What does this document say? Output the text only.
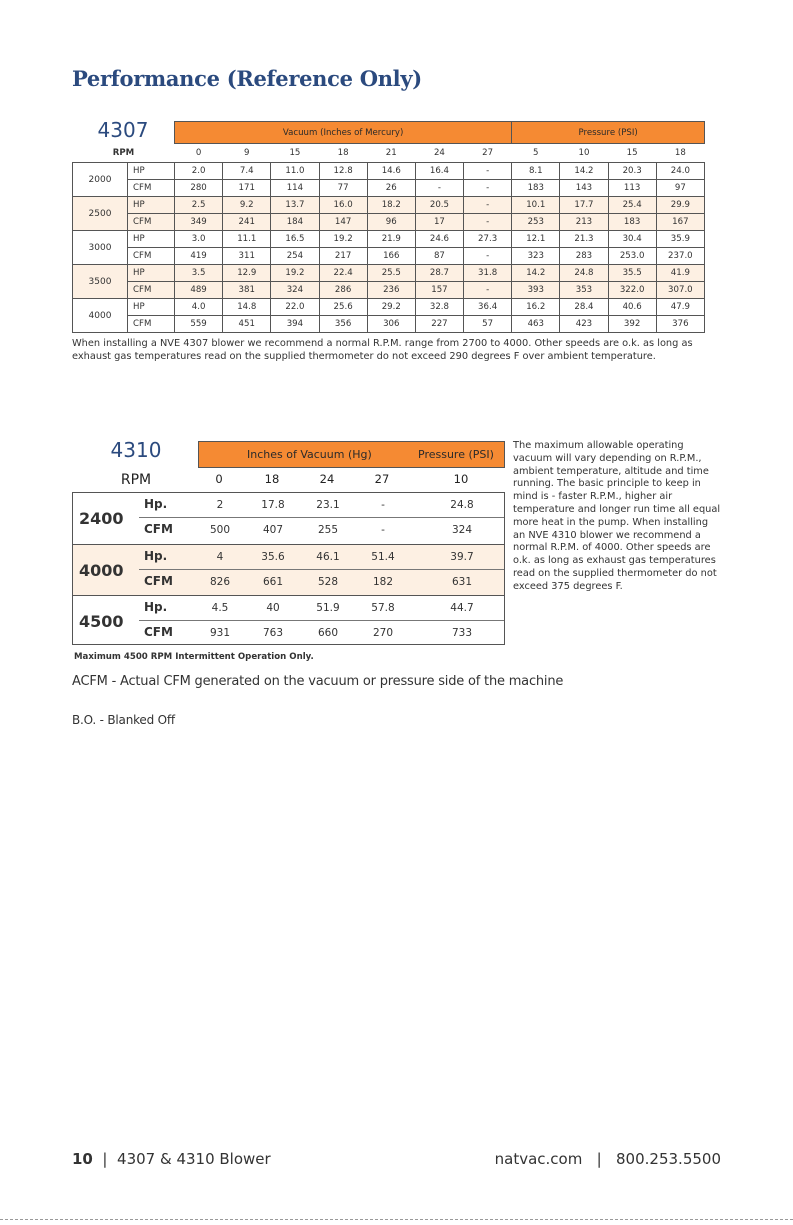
Performance (Reference Only)
4307
		Vacuum (Inches of Mercury)							Pressure (PSI)			
RPM		0	9	15	18	21	24	27	5	10	15	18
2000	HP	2.0	7.4	11.0	12.8	14.6	16.4	-	8.1	14.2	20.3	24.0
	CFM	280	171	114	77	26	-	-	183	143	113	97
2500	HP	2.5	9.2	13.7	16.0	18.2	20.5	-	10.1	17.7	25.4	29.9
	CFM	349	241	184	147	96	17	-	253	213	183	167
3000	HP	3.0	11.1	16.5	19.2	21.9	24.6	27.3	12.1	21.3	30.4	35.9
	CFM	419	311	254	217	166	87	-	323	283	253.0	237.0
3500	HP	3.5	12.9	19.2	22.4	25.5	28.7	31.8	14.2	24.8	35.5	41.9
	CFM	489	381	324	286	236	157	-	393	353	322.0	307.0
4000	HP	4.0	14.8	22.0	25.6	29.2	32.8	36.4	16.2	28.4	40.6	47.9
	CFM	559	451	394	356	306	227	57	463	423	392	376
When installing a NVE 4307 blower we recommend a normal R.P.M. range from 2700 to 4000. Other speeds are o.k. as long as exhaust gas temperatures read on the supplied thermometer do not exceed 290 degrees F over ambient temperature.
4310
RPM
Inches of Vacuum (Hg)	Pressure (PSI)
0	18	24	27	10
2400
Hp.	2	17.8	23.1	-	24.8
CFM	500	407	255	-	324
4000
Hp.	4	35.6	46.1	51.4	39.7
CFM	826	661	528	182	631
4500
Hp.	4.5	40	51.9	57.8	44.7
CFM	931	763	660	270	733
The maximum allowable operating vacuum will vary depending on R.P.M., ambient temperature, altitude and time running. The basic principle to keep in mind is - faster R.P.M., higher air temperature and longer run time all equal more heat in the pump. When installing an NVE 4310 blower we recommend a normal R.P.M. of 4000. Other speeds are o.k. as long as exhaust gas temperatures read on the supplied thermometer do not exceed 375 degrees F.
Maximum 4500 RPM Intermittent Operation Only.
ACFM - Actual CFM generated on the vacuum or pressure side of the machine
B.O. - Blanked Off
10 | 4307 & 4310 Blower	natvac.com | 800.253.5500
